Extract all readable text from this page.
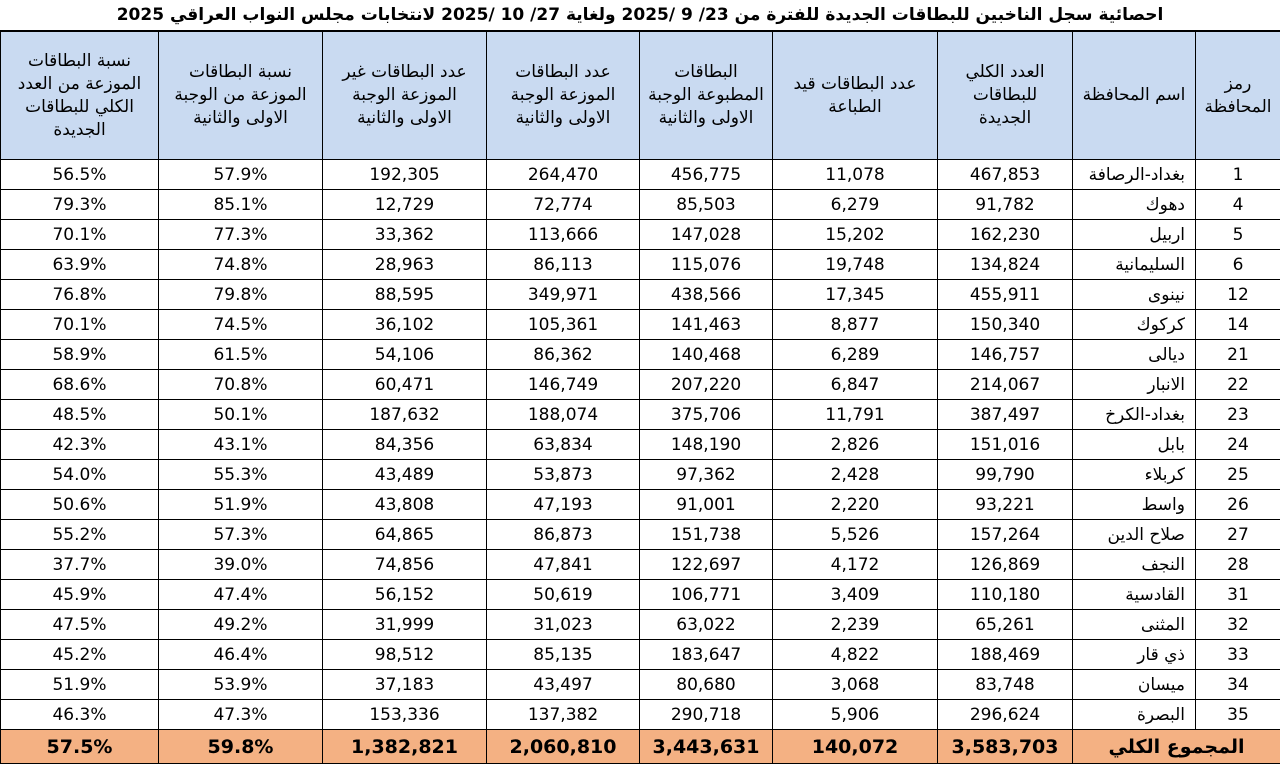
احصائية سجل الناخبين للبطاقات الجديدة للفترة من 23/ 9 /2025 ولغاية 27/ 10 /2025 لانتخابات مجلس النواب العراقي 2025
رمز المحافظة	اسم المحافظة	العدد الكلي للبطاقات الجديدة	عدد البطاقات قيد الطباعة	البطاقات المطبوعة الوجبة الاولى والثانية	عدد البطاقات الموزعة الوجبة الاولى والثانية	عدد البطاقات غير الموزعة الوجبة الاولى والثانية	نسبة البطاقات الموزعة من الوجبة الاولى والثانية	نسبة البطاقات الموزعة من العدد الكلي للبطاقات الجديدة
1	بغداد-الرصافة	467,853	11,078	456,775	264,470	192,305	57.9%	56.5%
4	دهوك	91,782	6,279	85,503	72,774	12,729	85.1%	79.3%
5	اربيل	162,230	15,202	147,028	113,666	33,362	77.3%	70.1%
6	السليمانية	134,824	19,748	115,076	86,113	28,963	74.8%	63.9%
12	نينوى	455,911	17,345	438,566	349,971	88,595	79.8%	76.8%
14	كركوك	150,340	8,877	141,463	105,361	36,102	74.5%	70.1%
21	ديالى	146,757	6,289	140,468	86,362	54,106	61.5%	58.9%
22	الانبار	214,067	6,847	207,220	146,749	60,471	70.8%	68.6%
23	بغداد-الكرخ	387,497	11,791	375,706	188,074	187,632	50.1%	48.5%
24	بابل	151,016	2,826	148,190	63,834	84,356	43.1%	42.3%
25	كربلاء	99,790	2,428	97,362	53,873	43,489	55.3%	54.0%
26	واسط	93,221	2,220	91,001	47,193	43,808	51.9%	50.6%
27	صلاح الدين	157,264	5,526	151,738	86,873	64,865	57.3%	55.2%
28	النجف	126,869	4,172	122,697	47,841	74,856	39.0%	37.7%
31	القادسية	110,180	3,409	106,771	50,619	56,152	47.4%	45.9%
32	المثنى	65,261	2,239	63,022	31,023	31,999	49.2%	47.5%
33	ذي قار	188,469	4,822	183,647	85,135	98,512	46.4%	45.2%
34	ميسان	83,748	3,068	80,680	43,497	37,183	53.9%	51.9%
35	البصرة	296,624	5,906	290,718	137,382	153,336	47.3%	46.3%
المجموع الكلي		3,583,703	140,072	3,443,631	2,060,810	1,382,821	59.8%	57.5%
